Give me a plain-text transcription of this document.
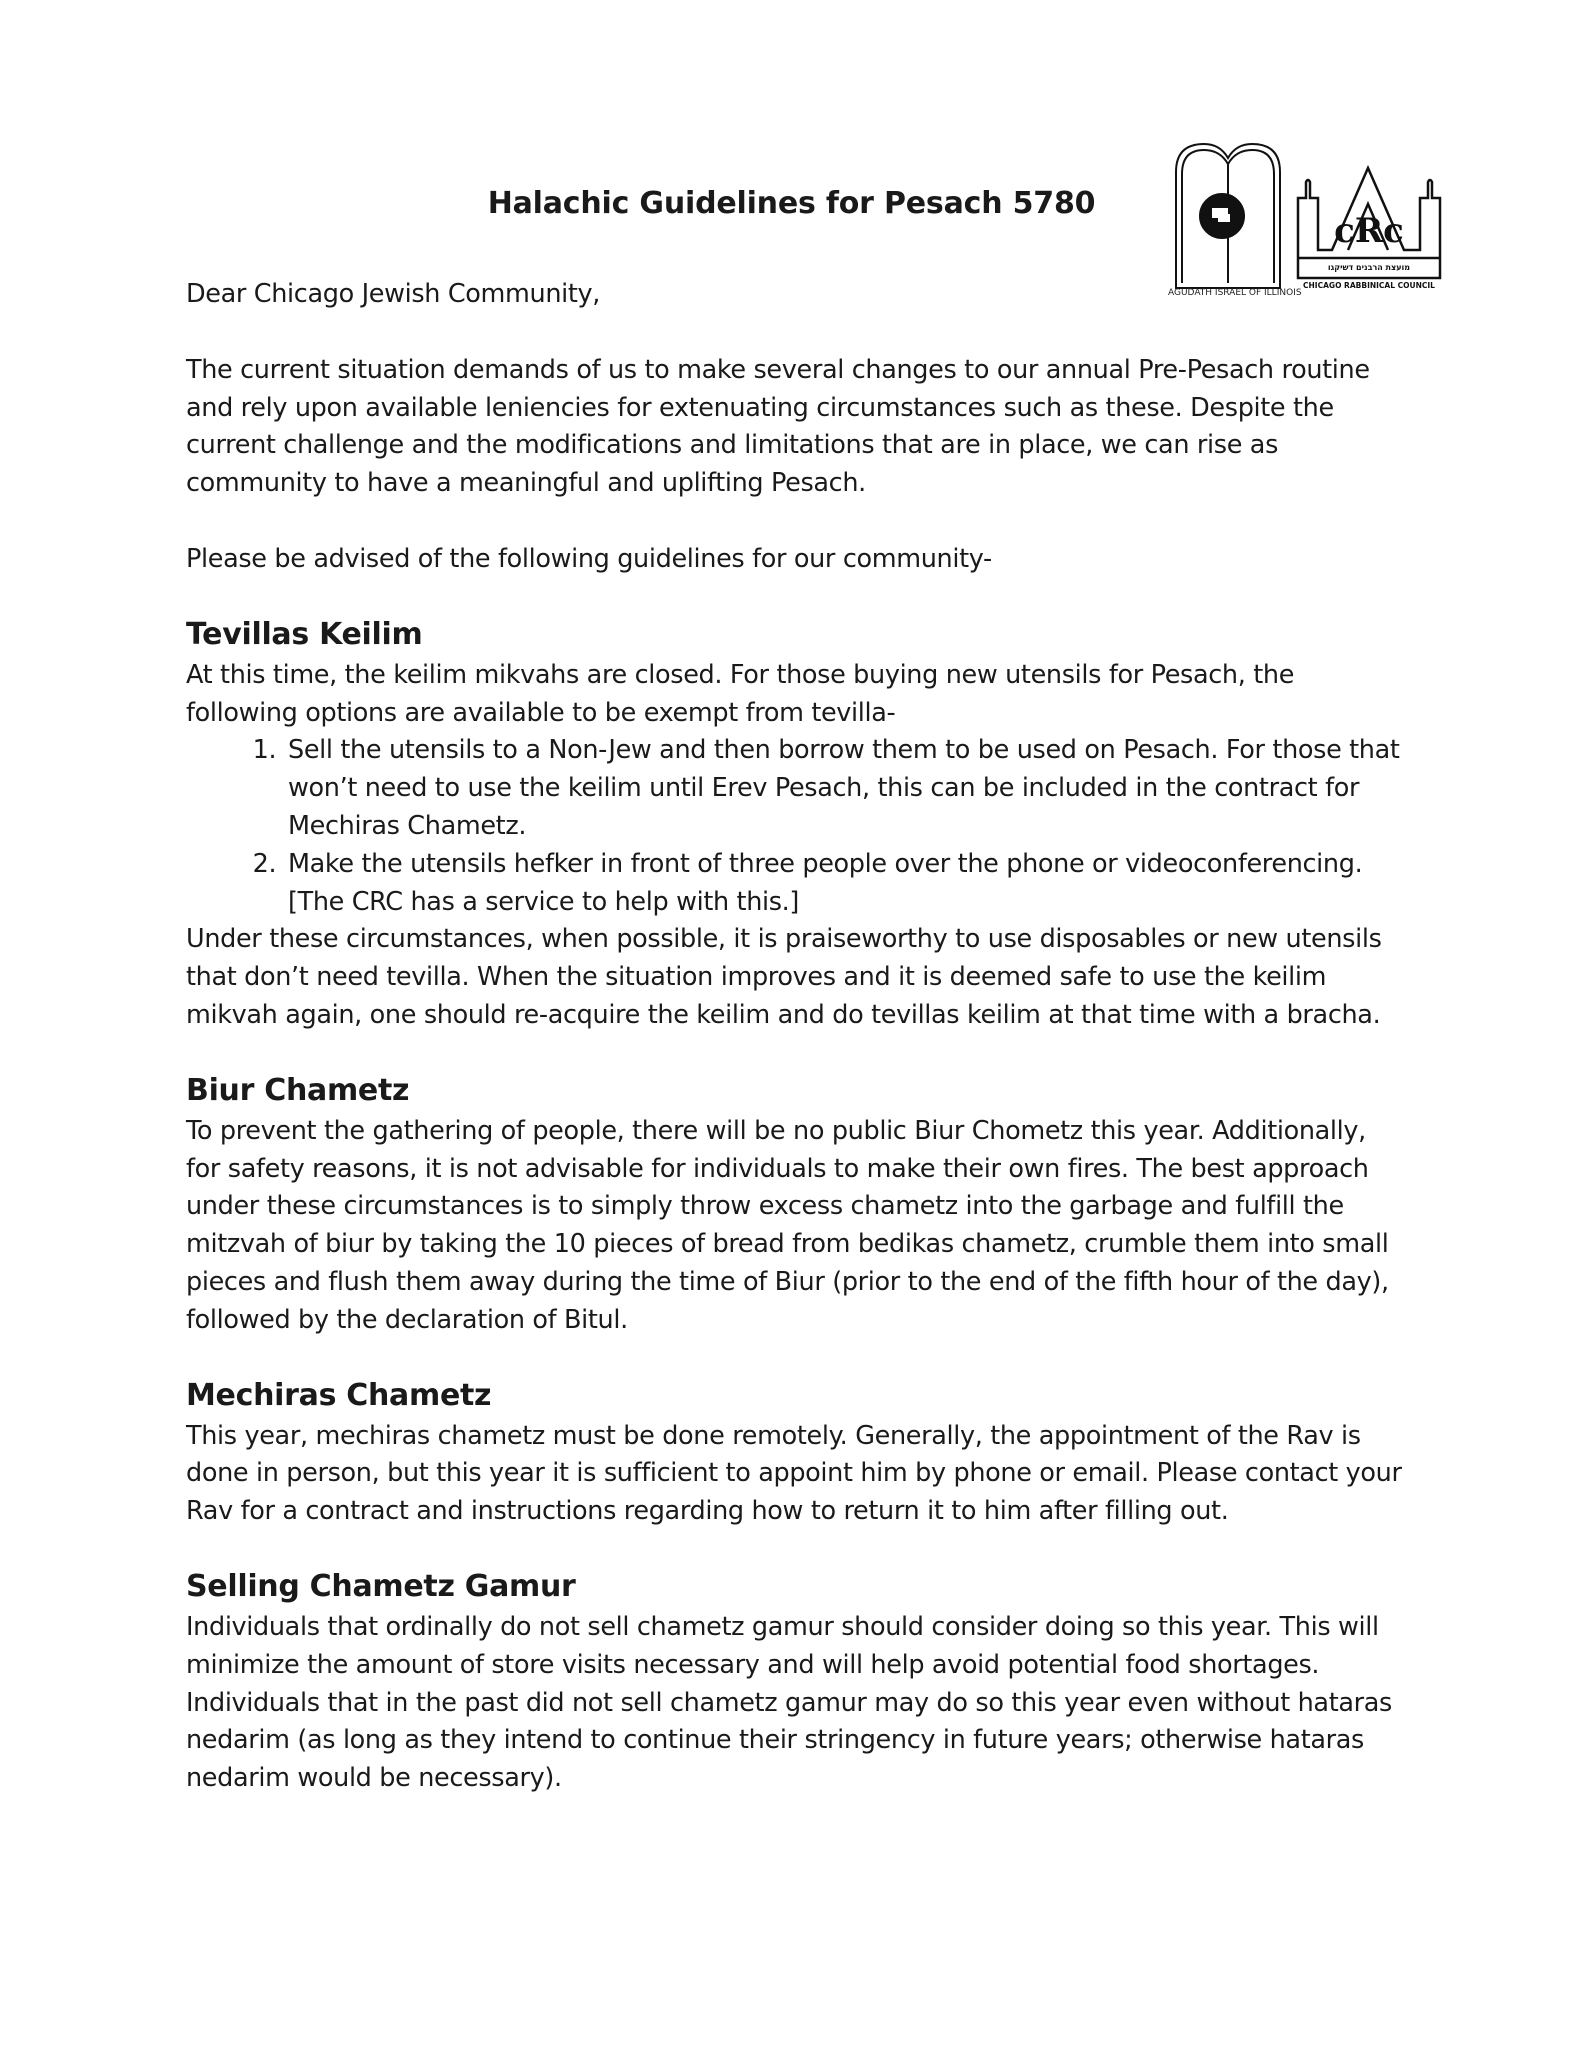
Halachic Guidelines for Pesach 5780
cRc
מועצת הרבנים דשיקגו
CHICAGO RABBINICAL COUNCIL
AGUDATH ISRAEL OF ILLINOIS

Dear Chicago Jewish Community,

The current situation demands of us to make several changes to our annual Pre-Pesach routine and rely upon available leniencies for extenuating circumstances such as these. Despite the current challenge and the modifications and limitations that are in place, we can rise as community to have a meaningful and uplifting Pesach.

Please be advised of the following guidelines for our community-

Tevillas Keilim

At this time, the keilim mikvahs are closed. For those buying new utensils for Pesach, the following options are available to be exempt from tevilla-

1. Sell the utensils to a Non-Jew and then borrow them to be used on Pesach. For those that won’t need to use the keilim until Erev Pesach, this can be included in the contract for Mechiras Chametz.
2. Make the utensils hefker in front of three people over the phone or videoconferencing. [The CRC has a service to help with this.]

Under these circumstances, when possible, it is praiseworthy to use disposables or new utensils that don’t need tevilla. When the situation improves and it is deemed safe to use the keilim mikvah again, one should re-acquire the keilim and do tevillas keilim at that time with a bracha.

Biur Chametz

To prevent the gathering of people, there will be no public Biur Chometz this year. Additionally, for safety reasons, it is not advisable for individuals to make their own fires. The best approach under these circumstances is to simply throw excess chametz into the garbage and fulfill the mitzvah of biur by taking the 10 pieces of bread from bedikas chametz, crumble them into small pieces and flush them away during the time of Biur (prior to the end of the fifth hour of the day), followed by the declaration of Bitul.

Mechiras Chametz

This year, mechiras chametz must be done remotely. Generally, the appointment of the Rav is done in person, but this year it is sufficient to appoint him by phone or email. Please contact your Rav for a contract and instructions regarding how to return it to him after filling out.

Selling Chametz Gamur

Individuals that ordinally do not sell chametz gamur should consider doing so this year. This will minimize the amount of store visits necessary and will help avoid potential food shortages. Individuals that in the past did not sell chametz gamur may do so this year even without hataras nedarim (as long as they intend to continue their stringency in future years; otherwise hataras nedarim would be necessary).
